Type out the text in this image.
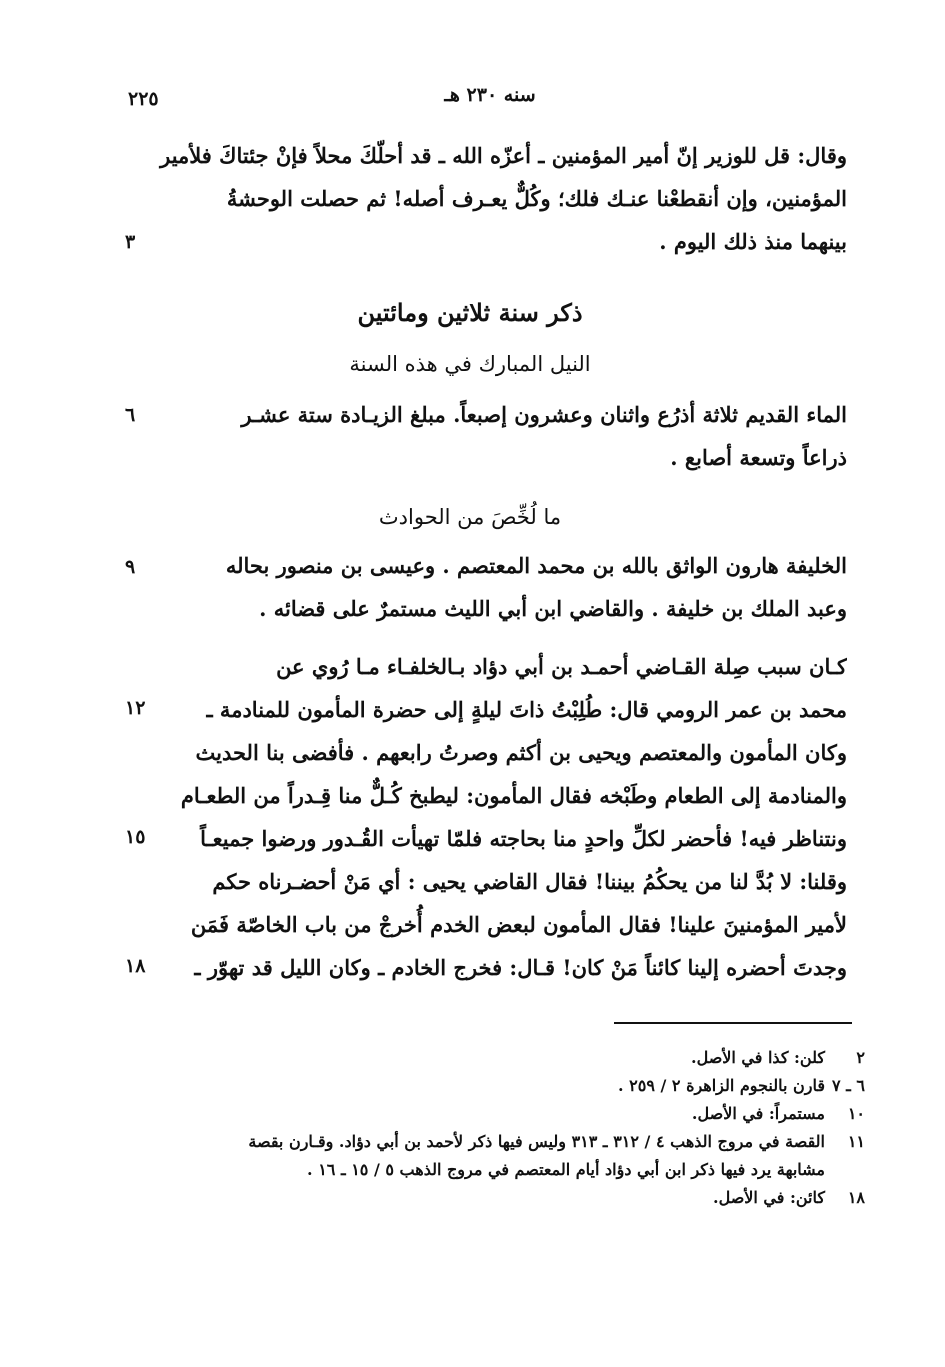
سنه ٢٣٠ هـ
٢٢٥
وقال: قل للوزير إنّ أمير المؤمنين ـ أعزّه الله ـ قد أحلّكَ محلاً فإنْ جئتاكَ فلأمير
المؤمنين، وإن أنقطعْنا عنـك فلك؛ وكُلٌّ يعـرف أصله! ثم حصلت الوحشةُ
بينهما منذ ذلك اليوم .
٣
ذكر سنة ثلاثين ومائتين
النيل المبارك في هذه السنة
الماء القديم ثلاثة أذرُع واثنان وعشرون إصبعاً. مبلغ الزيـادة ستة عشـر
ذراعاً وتسعة أصابع .
٦
ما لُخِّصَ من الحوادث
الخليفة هارون الواثق بالله بن محمد المعتصم . وعيسى بن منصور بحاله
وعبد الملك بن خليفة . والقاضي ابن أبي الليث مستمرٌ على قضائه .
٩
كـان سبب صِلة القـاضي أحمـد بن أبي دؤاد بـالخلفـاء مـا رُوي عن
محمد بن عمر الرومي قال: طُلِبْتُ ذاتَ ليلةٍ إلى حضرة المأمون للمنادمة ـ
وكان المأمون والمعتصم ويحيى بن أكثم وصرتُ رابعهم . فأفضى بنا الحديث
والمنادمة إلى الطعام وطَبْخه فقال المأمون: ليطبخ كُـلٌّ منا قِـدراً من الطعـام
ونتناظر فيه! فأحضر لكلِّ واحدٍ منا بحاجته فلمّا تهيأت القُـدور ورضوا جميعـاً
وقلنا: لا بُدَّ لنا من يحكُمُ بيننا! فقال القاضي يحيى : أي مَنْ أحضـرناه حكم
لأمير المؤمنينَ علينا! فقال المأمون لبعض الخدم أُخرجْ من باب الخاصّة فَمَن
وجدتَ أحضره إلينا كائناً مَنْ كان! قـال: فخرج الخادم ـ وكان الليل قد تهوّر ـ
١٢
١٥
١٨
٢
كلن: كذا في الأصل.
٦ ـ ٧
قارن بالنجوم الزاهرة ٢ / ٢٥٩ .
١٠
مستمراً: في الأصل.
١١
القصة في مروج الذهب ٤ / ٣١٢ ـ ٣١٣ وليس فيها ذكر لأحمد بن أبي دؤاد. وقـارن بقصة
مشابهة يرد فيها ذكر ابن أبي دؤاد أيام المعتصم في مروج الذهب ٥ / ١٥ ـ ١٦ .
١٨
كائن: في الأصل.
